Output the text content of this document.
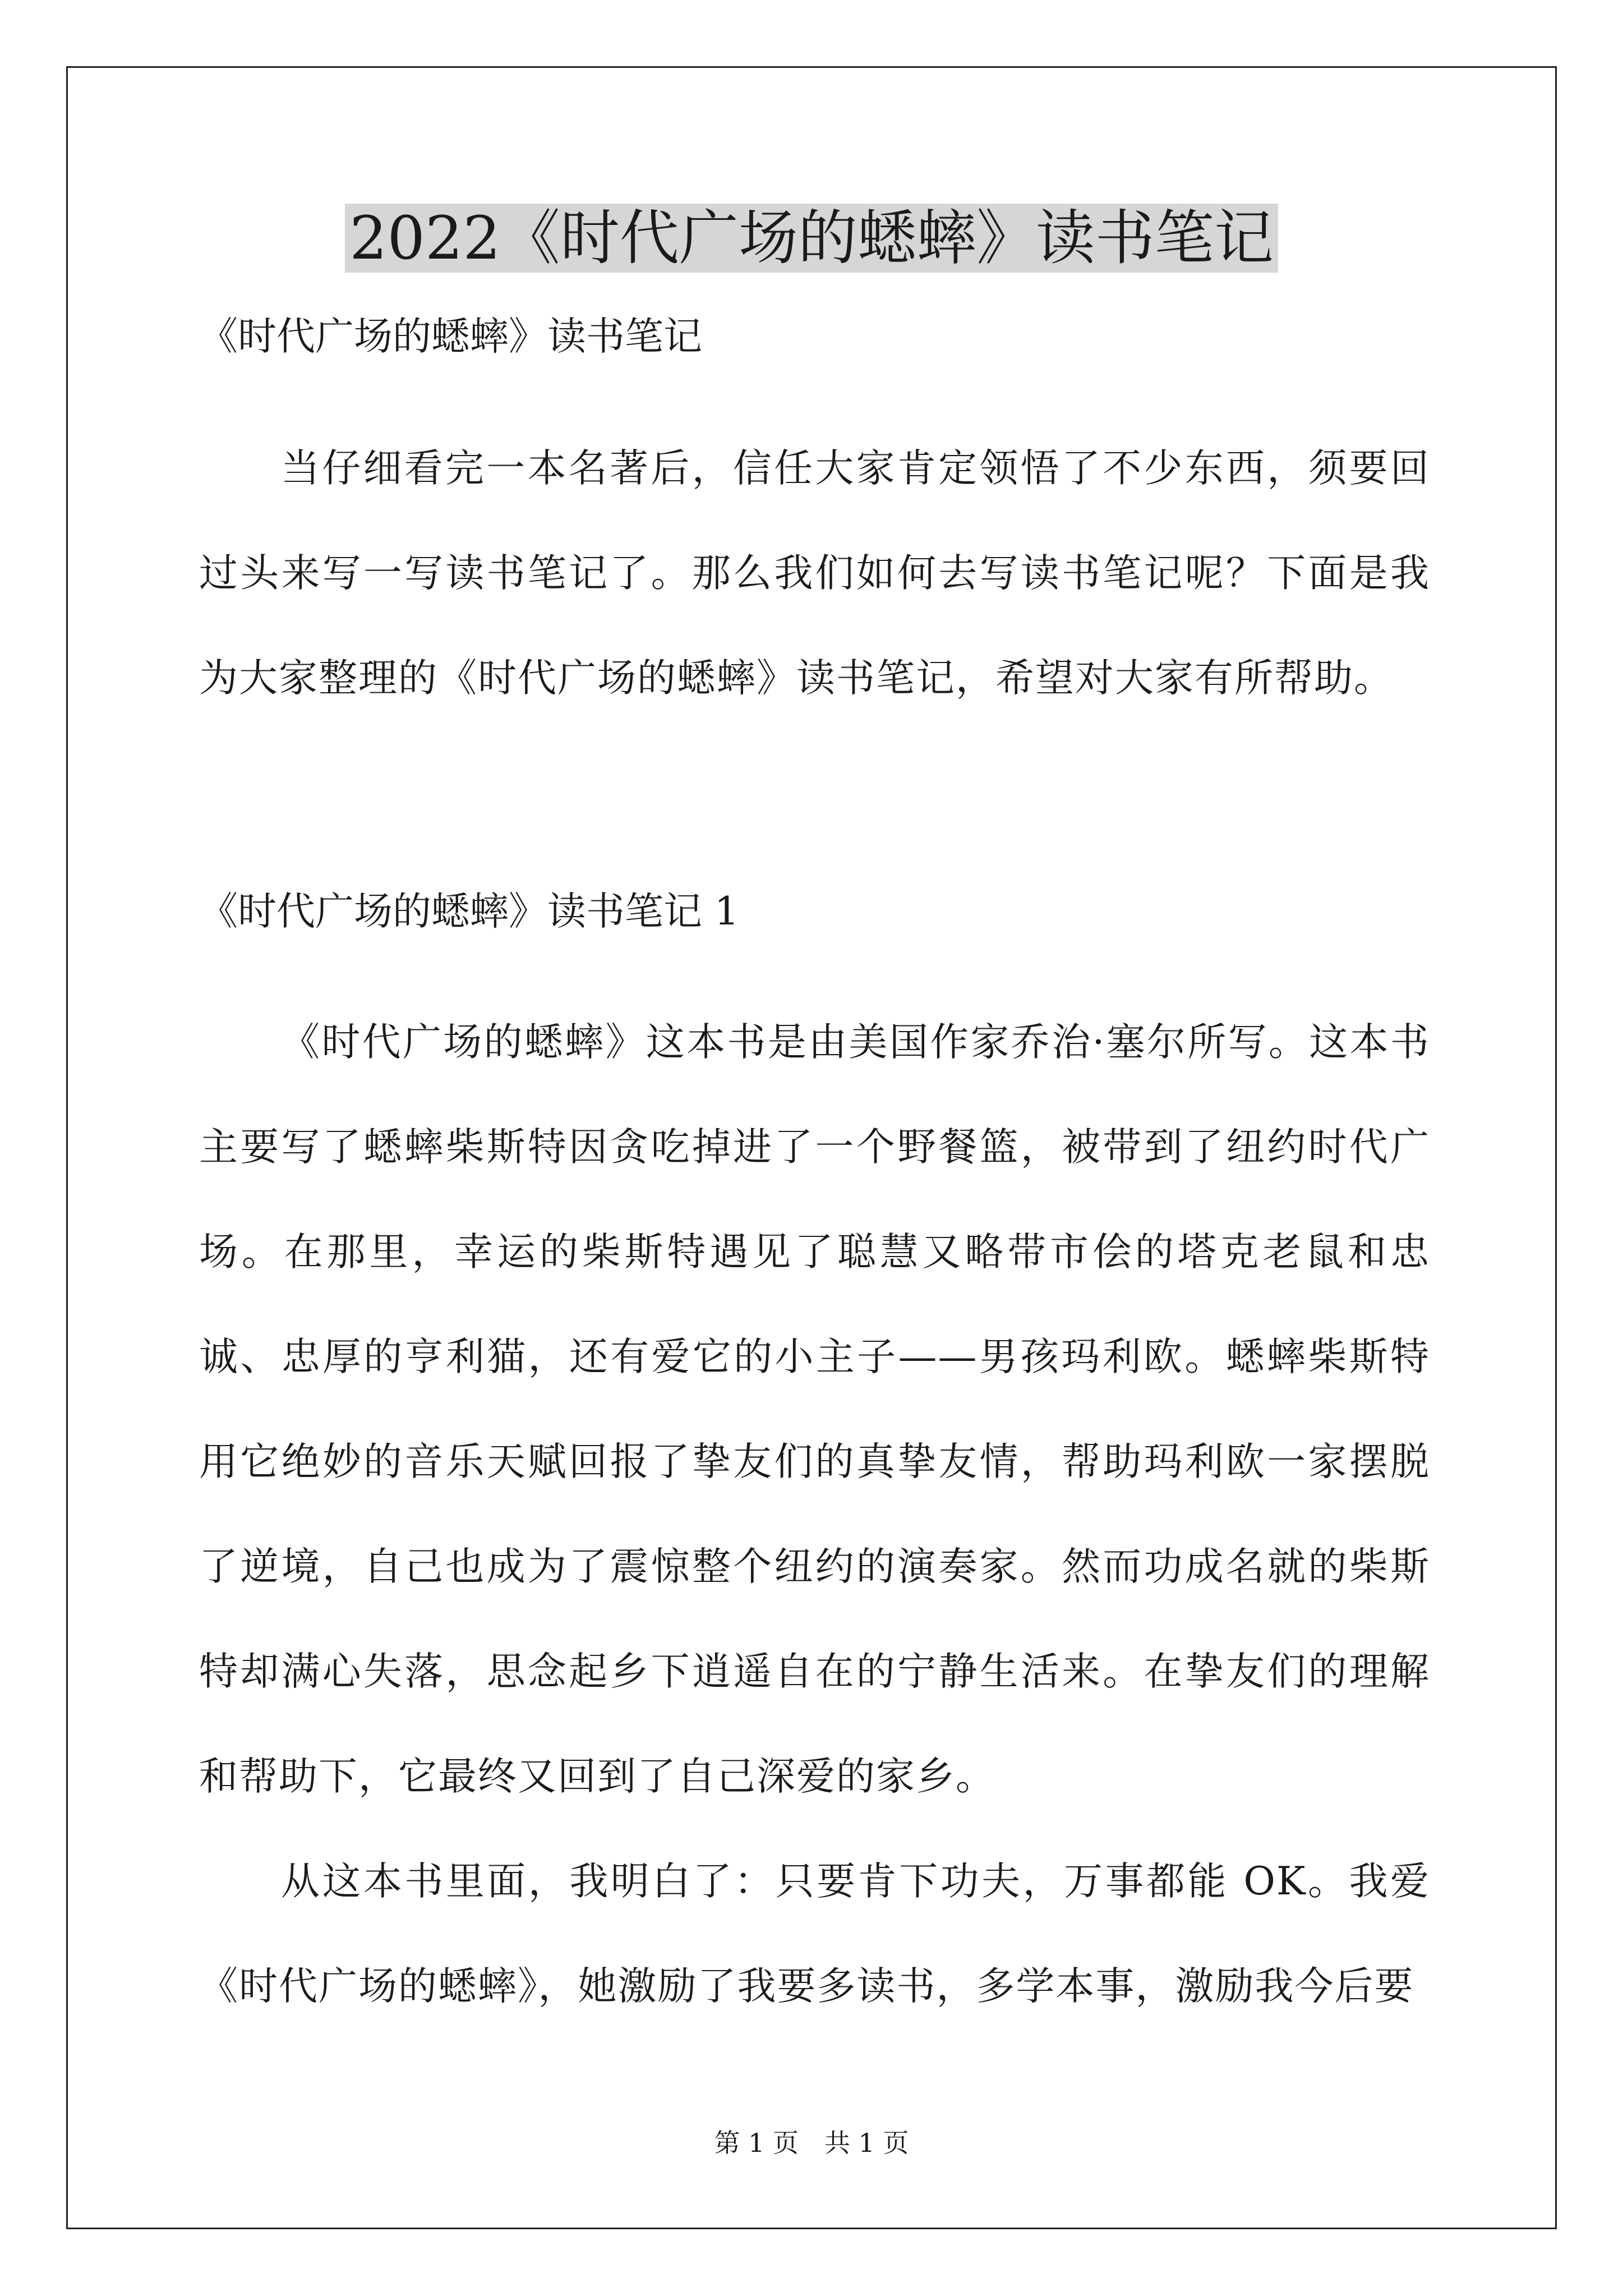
2022《时代广场的蟋蟀》读书笔记

《时代广场的蟋蟀》读书笔记

当仔细看完一本名著后，信任大家肯定领悟了不少东西，须要回过头来写一写读书笔记了。那么我们如何去写读书笔记呢？下面是我为大家整理的《时代广场的蟋蟀》读书笔记，希望对大家有所帮助。

《时代广场的蟋蟀》读书笔记 1

《时代广场的蟋蟀》这本书是由美国作家乔治·塞尔所写。这本书主要写了蟋蟀柴斯特因贪吃掉进了一个野餐篮，被带到了纽约时代广场。在那里，幸运的柴斯特遇见了聪慧又略带市侩的塔克老鼠和忠诚、忠厚的亨利猫，还有爱它的小主子——男孩玛利欧。蟋蟀柴斯特用它绝妙的音乐天赋回报了挚友们的真挚友情，帮助玛利欧一家摆脱了逆境，自己也成为了震惊整个纽约的演奏家。然而功成名就的柴斯特却满心失落，思念起乡下逍遥自在的宁静生活来。在挚友们的理解和帮助下，它最终又回到了自己深爱的家乡。

从这本书里面，我明白了：只要肯下功夫，万事都能 OK。我爱《时代广场的蟋蟀》，她激励了我要多读书，多学本事，激励我今后要

第 1 页　共 1 页
